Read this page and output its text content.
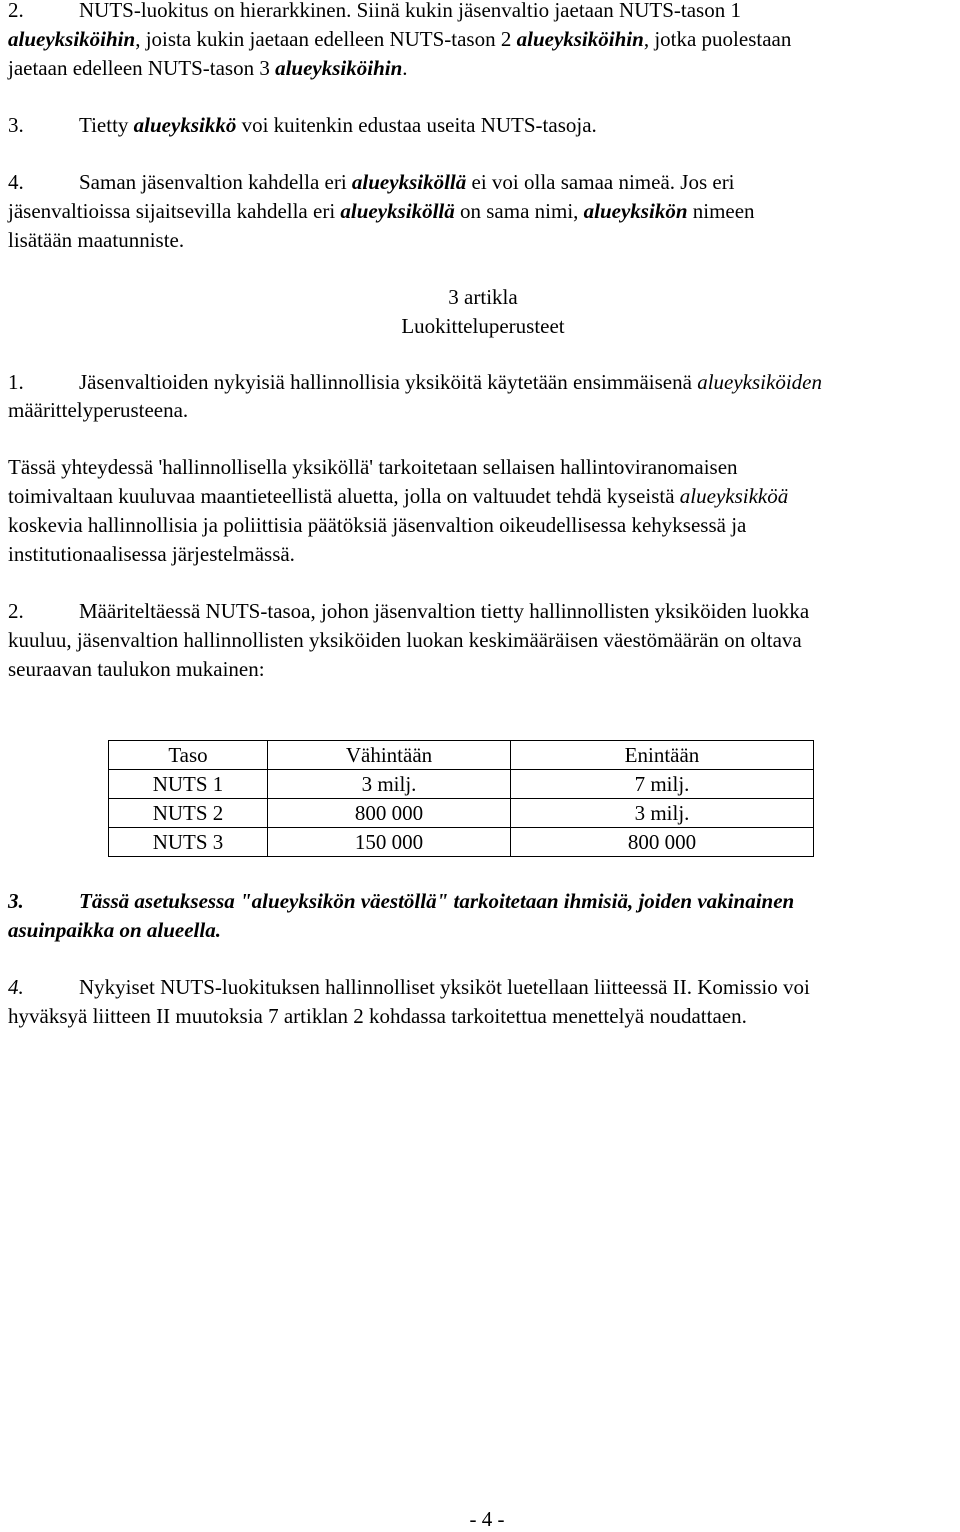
2.	NUTS-luokitus on hierarkkinen. Siinä kukin jäsenvaltio jaetaan NUTS-tason 1
alueyksiköihin, joista kukin jaetaan edelleen NUTS-tason 2 alueyksiköihin, jotka puolestaan
jaetaan edelleen NUTS-tason 3 alueyksiköihin.
3.	Tietty alueyksikkö voi kuitenkin edustaa useita NUTS-tasoja.
4.	Saman jäsenvaltion kahdella eri alueyksiköllä ei voi olla samaa nimeä. Jos eri
jäsenvaltioissa sijaitsevilla kahdella eri alueyksiköllä on sama nimi, alueyksikön nimeen
lisätään maatunniste.
3 artikla
Luokitteluperusteet
1.	Jäsenvaltioiden nykyisiä hallinnollisia yksiköitä käytetään ensimmäisenä alueyksiköiden
määrittelyperusteena.
Tässä yhteydessä 'hallinnollisella yksiköllä' tarkoitetaan sellaisen hallintoviranomaisen
toimivaltaan kuuluvaa maantieteellistä aluetta, jolla on valtuudet tehdä kyseistä alueyksikköä
koskevia hallinnollisia ja poliittisia päätöksiä jäsenvaltion oikeudellisessa kehyksessä ja
institutionaalisessa järjestelmässä.
2.	Määriteltäessä NUTS-tasoa, johon jäsenvaltion tietty hallinnollisten yksiköiden luokka
kuuluu, jäsenvaltion hallinnollisten yksiköiden luokan keskimääräisen väestömäärän on oltava
seuraavan taulukon mukainen:
Taso	Vähintään	Enintään
NUTS 1	3 milj.	7 milj.
NUTS 2	800 000	3 milj.
NUTS 3	150 000	800 000
3.	Tässä asetuksessa "alueyksikön väestöllä" tarkoitetaan ihmisiä, joiden vakinainen
asuinpaikka on alueella.
4.	Nykyiset NUTS-luokituksen hallinnolliset yksiköt luetellaan liitteessä II. Komissio voi
hyväksyä liitteen II muutoksia 7 artiklan 2 kohdassa tarkoitettua menettelyä noudattaen.
- 4 -
